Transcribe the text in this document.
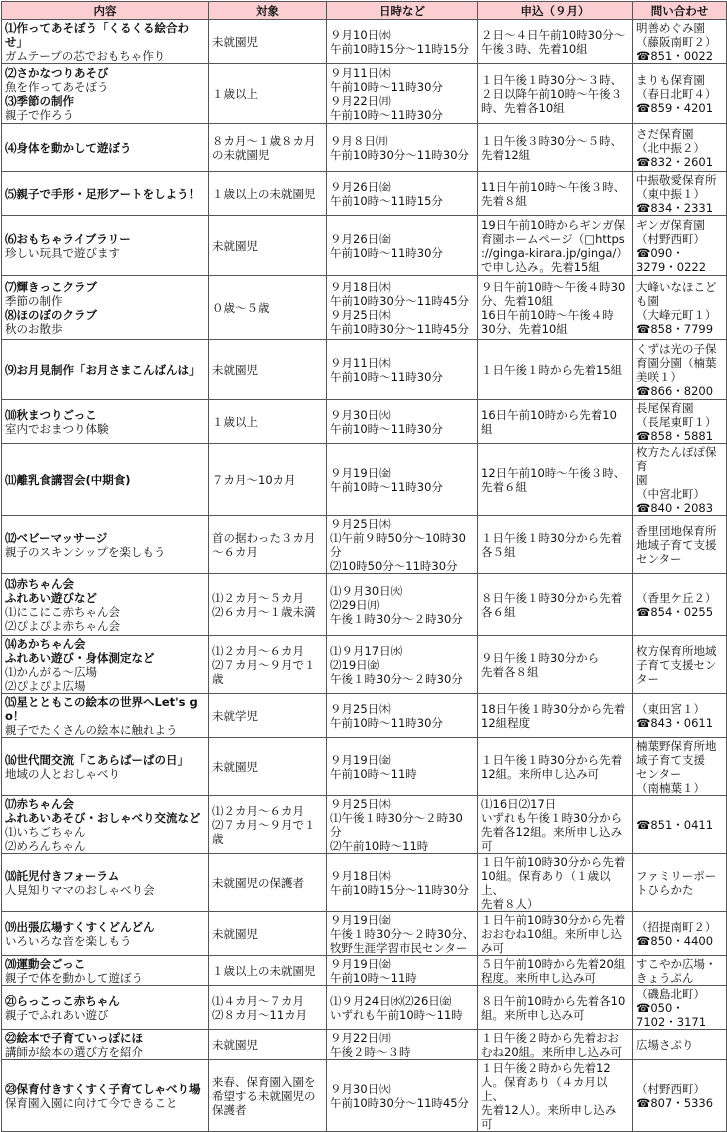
内容	対象	日時など	申込（９月）	問い合わせ

⑴作ってあそぼう「くるくる絵合わせ」
ガムテープの芯でおもちゃ作り	未就園児	９月10日㈬
午前10時15分～11時15分	２日～４日午前10時30分～
午後３時、先着10組	明善めぐみ園
（藤阪南町２）
☎851・0022

⑵さかなつりあそび
魚を作ってあそぼう
⑶季節の制作
親子で作ろう	１歳以上	９月11日㈭
午前10時～11時30分
９月22日㈪
午前10時～11時30分	１日午後１時30分～３時、
２日以降午前10時～午後３
時、先着各10組	まりも保育園
（春日北町４）
☎859・4201

⑷身体を動かして遊ぼう	８カ月～１歳８カ月
の未就園児	９月８日㈪
午前10時30分～11時30分	１日午後３時30分～５時、
先着12組	さだ保育園
（北中振２）
☎832・2601

⑸親子で手形・足形アートをしよう！	１歳以上の未就園児	９月26日㈮
午前10時～11時15分	11日午前10時～午後３時、
先着８組	中振敬愛保育所
（東中振１）
☎834・2331

⑹おもちゃライブラリー
珍しい玩具で遊びます	未就園児	９月26日㈮
午前10時～11時30分	19日午前10時からギンガ保
育園ホームページ（□https
://ginga-kirara.jp/ginga/）
で申し込み。先着15組	ギンガ保育園
（村野西町）
☎090・
3279・0222

⑺輝きっこクラブ
季節の制作
⑻ほのぼのクラブ
秋のお散歩	０歳～５歳	９月18日㈭
午前10時30分～11時45分
９月25日㈭
午前10時30分～11時45分	９日午前10時～午後４時30
分、先着10組
16日午前10時～午後４時
30分、先着10組	大峰いなほこども園
（大峰元町１）
☎858・7799

⑼お月見制作「お月さまこんばんは」	未就園児	９月11日㈭
午前10時～11時30分	１日午後１時から先着15組	くずは光の子保育園分園（楠葉
美咲１）
☎866・8200

⑽秋まつりごっこ
室内でおまつり体験	１歳以上	９月30日㈫
午前10時～11時30分	16日午前10時から先着10
組	長尾保育園
（長尾東町１）
☎858・5881

⑾離乳食講習会(中期食)	７カ月～10カ月	９月19日㈮
午前10時～11時30分	12日午前10時～午後３時、
先着６組	枚方たんぽぽ保育
園
（中宮北町）
☎840・2083

⑿ベビーマッサージ
親子のスキンシップを楽しもう	首の据わった３カ月
～６カ月	９月25日㈭
⑴午前９時50分～10時30
分
⑵10時50分～11時30分	１日午後１時30分から先着
各５組	香里団地保育所
地域子育て支援
センター

⒀赤ちゃん会
ふれあい遊びなど
⑴にこにこ赤ちゃん会
⑵ぴよぴよ赤ちゃん会	⑴２カ月～５カ月
⑵６カ月～１歳未満	⑴９月30日㈫
⑵29日㈪
午後１時30分～２時30分	８日午後１時30分から先着
各６組	（香里ケ丘２）
☎854・0255

⒁あかちゃん会
ふれあい遊び・身体測定など
⑴かんがる～広場
⑵ぴよぴよ広場	⑴２カ月～６カ月
⑵７カ月～９月で１
歳	⑴９月17日㈬
⑵19日㈮
午後１時30分～２時30分	９日午後１時30分から
先着各８組	枚方保育所地域
子育て支援セン
ター

⒂星とともこの絵本の世界へLet's go！
親子でたくさんの絵本に触れよう	未就学児	９月25日㈭
午前10時～11時30分	18日午後１時30分から先着
12組程度	（東田宮１）
☎843・0611

⒃世代間交流「こあらぱーぱの日」
地域の人とおしゃべり	未就園児	９月19日㈮
午前10時～11時	１日午後１時30分から先着
12組。来所申し込み可	楠葉野保育所地
域子育て支援
センター
（南楠葉１）

⒄赤ちゃん会
ふれあいあそび・おしゃべり交流など
⑴いちごちゃん
⑵めろんちゃん	⑴２カ月～６カ月
⑵７カ月～９月で１
歳	９月25日㈭
⑴午後１時30分～２時30
分
⑵午前10時～11時	⑴16日⑵17日
いずれも午後１時30分から
先着各12組。来所申し込み
可	☎851・0411

⒅託児付きフォーラム
人見知りママのおしゃべり会	未就園児の保護者	９月18日㈭
午前10時15分～11時30分	１日午前10時30分から先着
10組。保育あり（１歳以上、
先着８人）	ファミリーポー
トひらかた

⒆出張広場すくすくどんどん
いろいろな音を楽しもう	未就園児	９月19日㈮
午後１時30分～２時30分、
牧野生涯学習市民センター	１日午前10時30分から先着
おおむね10組。来所申し込
み可	（招提南町２）
☎850・4400

⒇運動会ごっこ
親子で体を動かして遊ぼう	１歳以上の未就園児	９月19日㈮
午前10時～11時	５日午前10時から先着20組
程度。来所申し込み可	すこやか広場・
きょうぷん

㉑らっこっこ赤ちゃん
親子でふれあい遊び	⑴４カ月～７カ月
⑵８カ月～11カ月	⑴９月24日㈬⑵26日㈮
いずれも午前10時～11時	８日午前10時から先着各10
組。来所申し込み可	（磯島北町）
☎050・
7102・3171

㉒絵本で子育ていっぽにほ
講師が絵本の選び方を紹介	未就園児	９月22日㈪
午後２時～３時	１日午後２時から先着おお
むね20組。来所申し込み可	広場さぷり

㉓保育付きすくすく子育てしゃべり場
保育園入園に向けて今できること	来春、保育園入園を
希望する未就園児の
保護者	９月30日㈫
午前10時30分～11時45分	１日午後２時から先着12
人。保育あり（４カ月以上、
先着12人）。来所申し込み
可	（村野西町）
☎807・5336
